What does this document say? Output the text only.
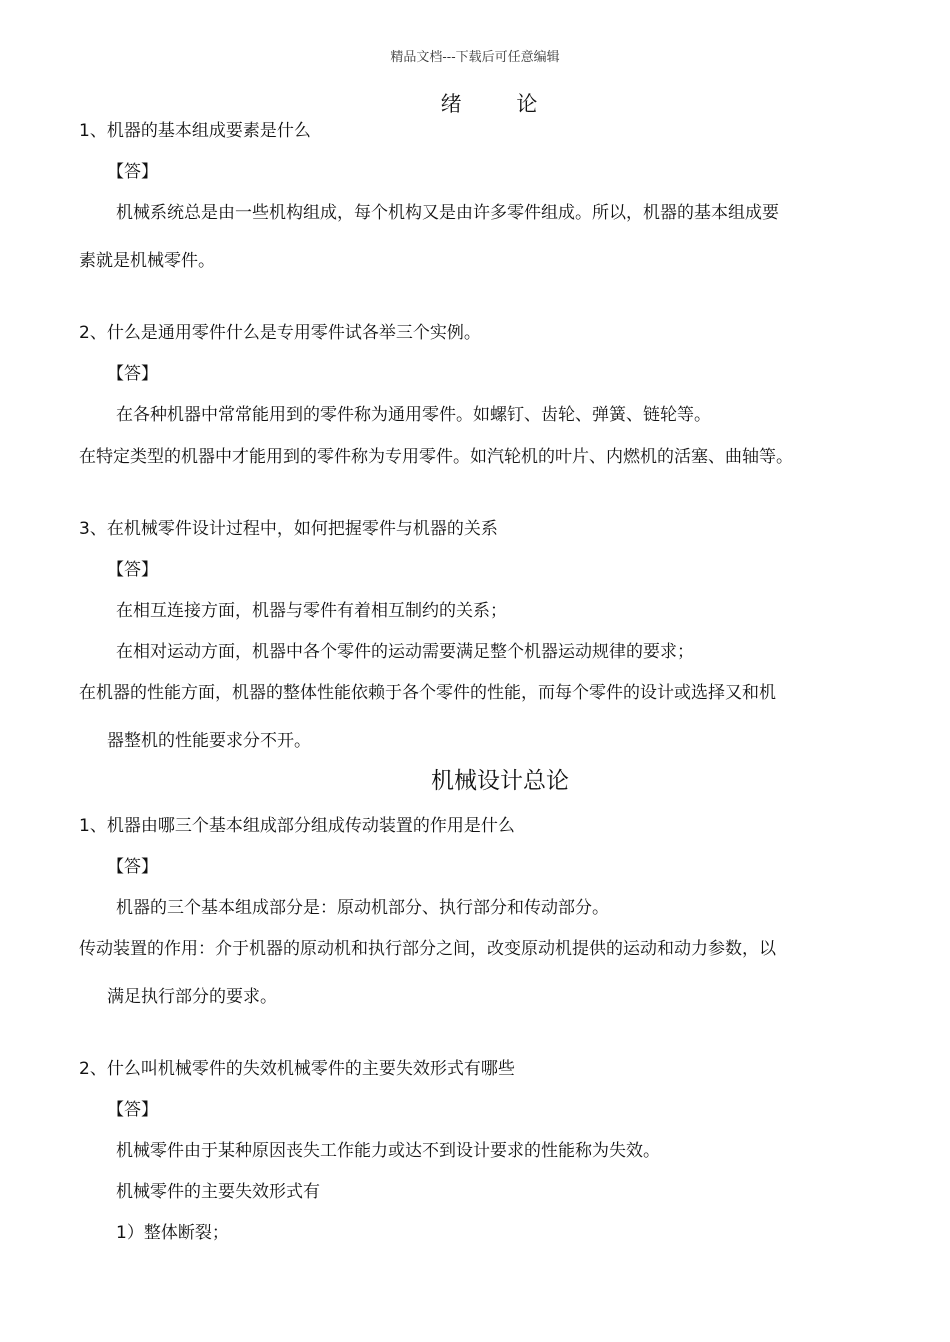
精品文档---下载后可任意编辑
绪 论

1、机器的基本组成要素是什么

【答】

机械系统总是由一些机构组成，每个机构又是由许多零件组成。所以，机器的基本组成要

素就是机械零件。

2、什么是通用零件什么是专用零件试各举三个实例。

【答】

在各种机器中常常能用到的零件称为通用零件。如螺钉、齿轮、弹簧、链轮等。

在特定类型的机器中才能用到的零件称为专用零件。如汽轮机的叶片、内燃机的活塞、曲轴等。

3、在机械零件设计过程中，如何把握零件与机器的关系

【答】

在相互连接方面，机器与零件有着相互制约的关系；

在相对运动方面，机器中各个零件的运动需要满足整个机器运动规律的要求；

在机器的性能方面，机器的整体性能依赖于各个零件的性能，而每个零件的设计或选择又和机

器整机的性能要求分不开。

机械设计总论

1、机器由哪三个基本组成部分组成传动装置的作用是什么

【答】

机器的三个基本组成部分是：原动机部分、执行部分和传动部分。

传动装置的作用：介于机器的原动机和执行部分之间，改变原动机提供的运动和动力参数，以

满足执行部分的要求。

2、什么叫机械零件的失效机械零件的主要失效形式有哪些

【答】

机械零件由于某种原因丧失工作能力或达不到设计要求的性能称为失效。

机械零件的主要失效形式有

1）整体断裂；
